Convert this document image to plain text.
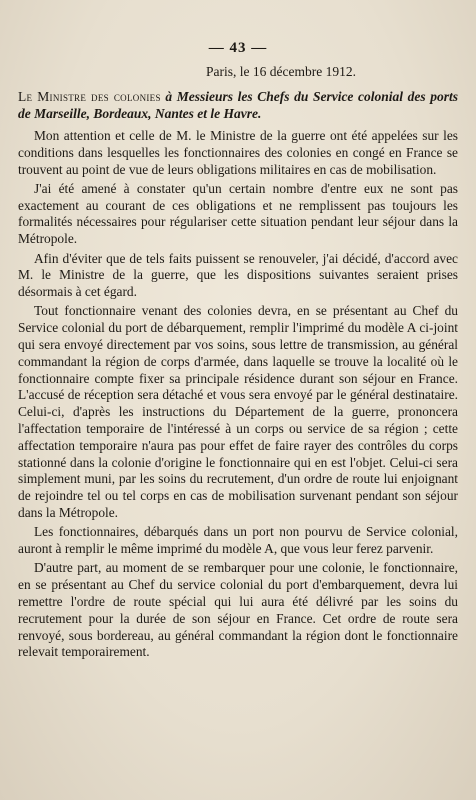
— 43 —
Paris, le 16 décembre 1912.
Le Ministre des colonies à Messieurs les Chefs du Service colonial des ports de Marseille, Bordeaux, Nantes et le Havre.

Mon attention et celle de M. le Ministre de la guerre ont été appelées sur les conditions dans lesquelles les fonctionnaires des colonies en congé en France se trouvent au point de vue de leurs obligations militaires en cas de mobilisation.

J'ai été amené à constater qu'un certain nombre d'entre eux ne sont pas exactement au courant de ces obligations et ne remplissent pas toujours les formalités nécessaires pour régulariser cette situation pendant leur séjour dans la Métropole.

Afin d'éviter que de tels faits puissent se renouveler, j'ai décidé, d'accord avec M. le Ministre de la guerre, que les dispositions suivantes seraient prises désormais à cet égard.

Tout fonctionnaire venant des colonies devra, en se présentant au Chef du Service colonial du port de débarquement, remplir l'imprimé du modèle A ci-joint qui sera envoyé directement par vos soins, sous lettre de transmission, au général commandant la région de corps d'armée, dans laquelle se trouve la localité où le fonctionnaire compte fixer sa principale résidence durant son séjour en France. L'accusé de réception sera détaché et vous sera envoyé par le général destinataire. Celui-ci, d'après les instructions du Département de la guerre, prononcera l'affectation temporaire de l'intéressé à un corps ou service de sa région ; cette affectation temporaire n'aura pas pour effet de faire rayer des contrôles du corps stationné dans la colonie d'origine le fonctionnaire qui en est l'objet. Celui-ci sera simplement muni, par les soins du recrutement, d'un ordre de route lui enjoignant de rejoindre tel ou tel corps en cas de mobilisation survenant pendant son séjour dans la Métropole.

Les fonctionnaires, débarqués dans un port non pourvu de Service colonial, auront à remplir le même imprimé du modèle A, que vous leur ferez parvenir.

D'autre part, au moment de se rembarquer pour une colonie, le fonctionnaire, en se présentant au Chef du service colonial du port d'embarquement, devra lui remettre l'ordre de route spécial qui lui aura été délivré par les soins du recrutement pour la durée de son séjour en France. Cet ordre de route sera renvoyé, sous bordereau, au général commandant la région dont le fonctionnaire relevait temporairement.
